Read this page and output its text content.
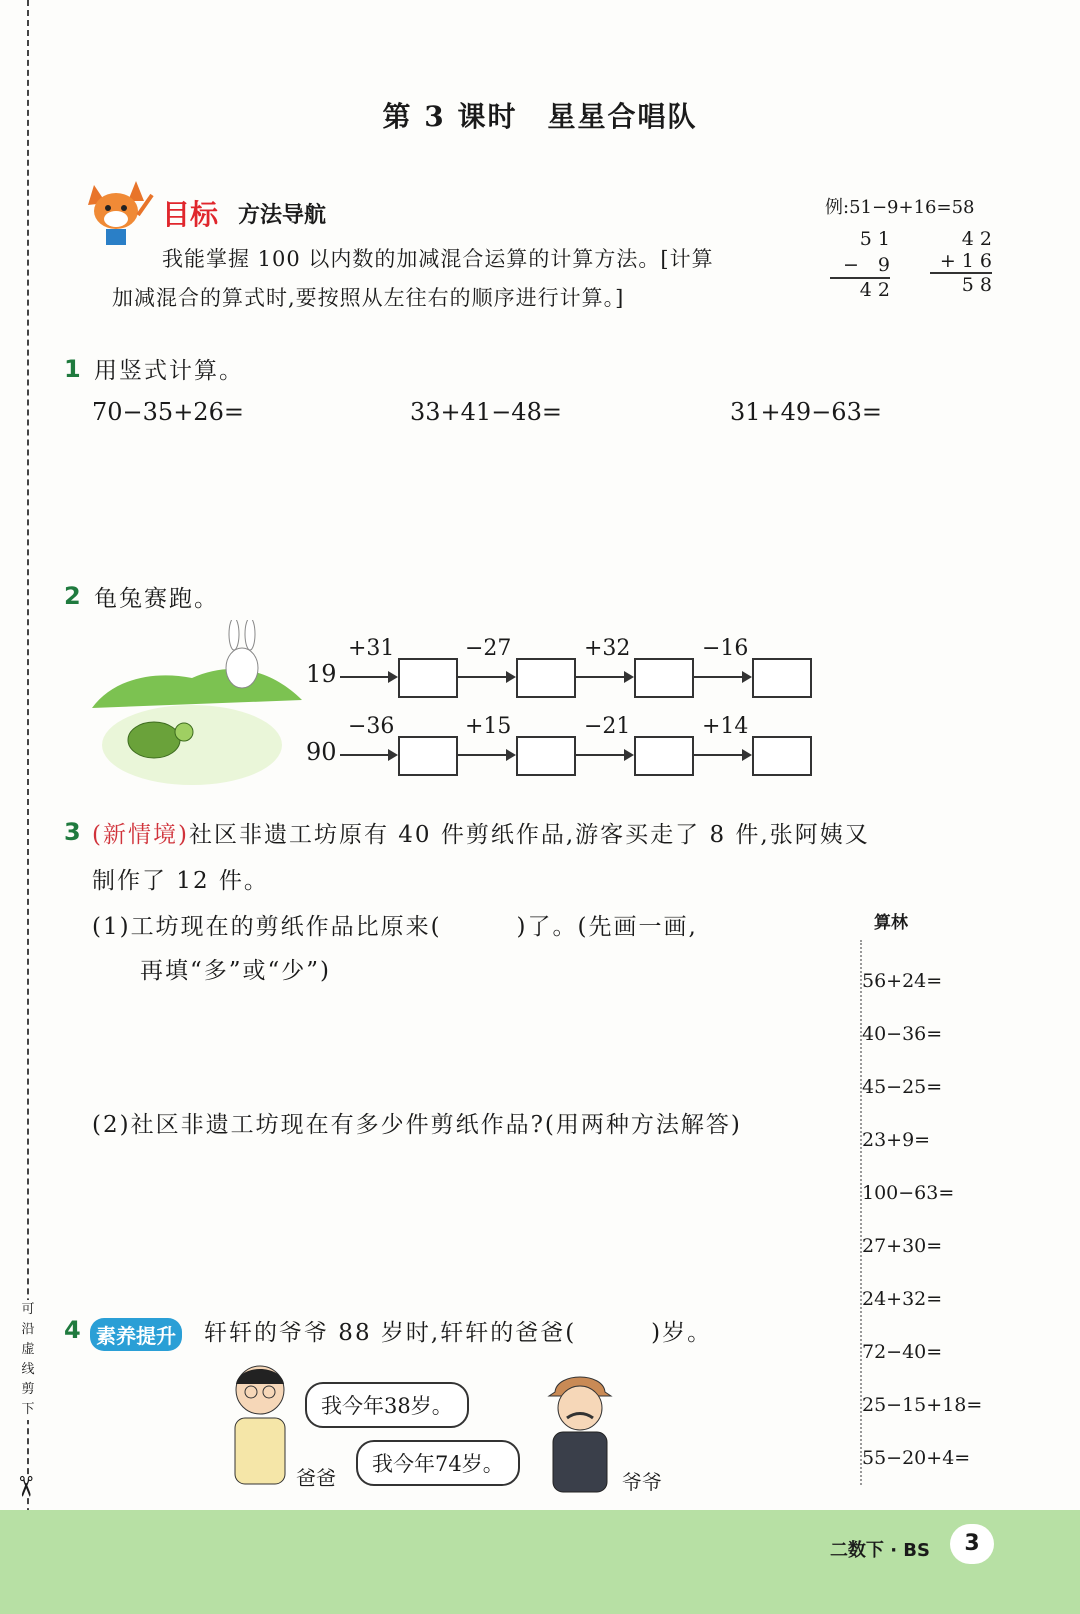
可沿虚线剪下
✂
第 3 课时　星星合唱队
目标 方法导航
我能掌握 100 以内数的加减混合运算的计算方法。[计算
加减混合的算式时,要按照从左往右的顺序进行计算。]
例:51−9+16=58
5 1
−　9
4 2
4 2
+ 1 6
5 8
1 用竖式计算。
70−35+26=	33+41−48=	31+49−63=
2 龟兔赛跑。
19
+31	−27	+32	−16
90
−36	+15	−21	+14
3 (新情境)社区非遗工坊原有 40 件剪纸作品,游客买走了 8 件,张阿姨又
制作了 12 件。
(1)工坊现在的剪纸作品比原来(　　　)了。(先画一画,
再填“多”或“少”)
(2)社区非遗工坊现在有多少件剪纸作品?(用两种方法解答)
算林
56+24=
40−36=
45−25=
23+9=
100−63=
27+30=
24+32=
72−40=
25−15+18=
55−20+4=
4 素养提升 轩轩的爷爷 88 岁时,轩轩的爸爸(　　　)岁。
我今年38岁。
爸爸
我今年74岁。
爷爷
二数下 · BS	3
